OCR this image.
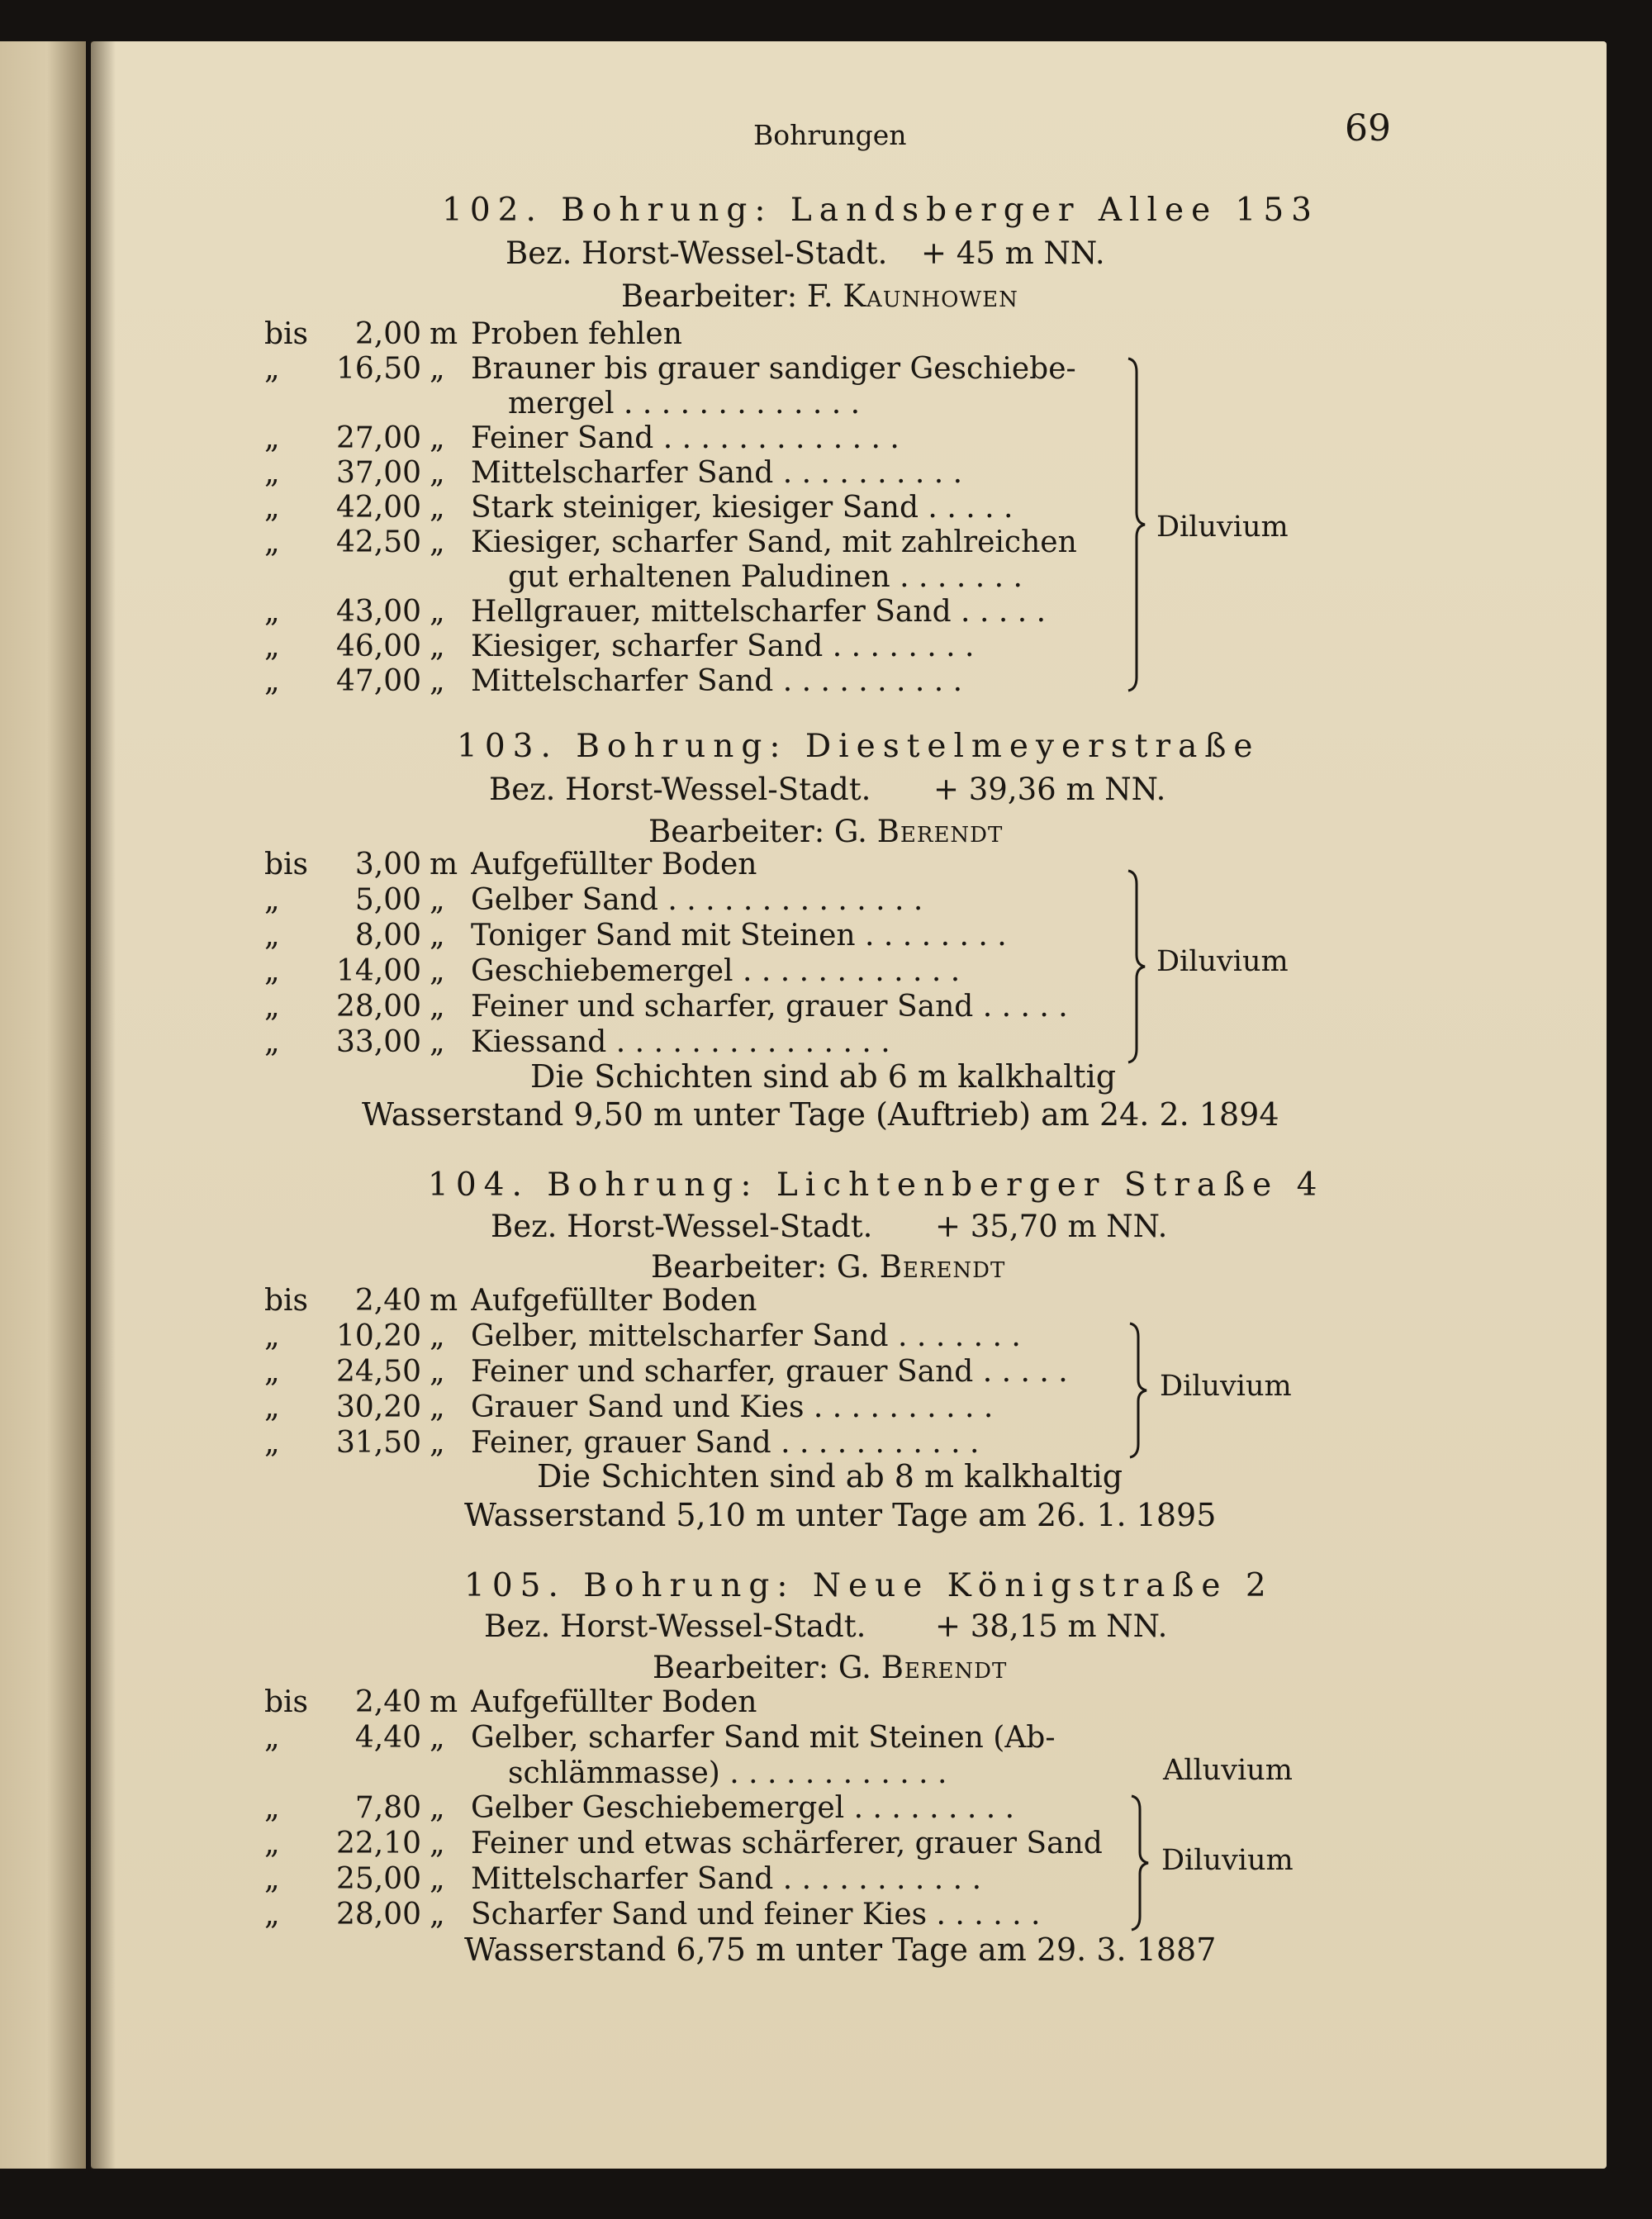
Bohrungen	69
102. Bohrung: Landsberger Allee 153
Bez. Horst-Wessel-Stadt. + 45 m NN.
Bearbeiter: F. Kaunhowen
bis 2,00 m Proben fehlen
„ 16,50 „ Brauner bis grauer sandiger Geschiebe-
mergel . . . . . . . . . . . . .
„ 27,00 „ Feiner Sand . . . . . . . . . . . . .
„ 37,00 „ Mittelscharfer Sand . . . . . . . . . .
„ 42,00 „ Stark steiniger, kiesiger Sand . . . . .
„ 42,50 „ Kiesiger, scharfer Sand, mit zahlreichen
gut erhaltenen Paludinen . . . . . . .
„ 43,00 „ Hellgrauer, mittelscharfer Sand . . . . .
„ 46,00 „ Kiesiger, scharfer Sand . . . . . . . .
„ 47,00 „ Mittelscharfer Sand . . . . . . . . . .
Diluvium
103. Bohrung: Diestelmeyerstraße
Bez. Horst-Wessel-Stadt. + 39,36 m NN.
Bearbeiter: G. Berendt
bis 3,00 m Aufgefüllter Boden
„	5,00 „ Gelber Sand . . . . . . . . . . . . . .
„	8,00 „ Toniger Sand mit Steinen . . . . . . . .
„ 14,00 „ Geschiebemergel . . . . . . . . . . . .
„ 28,00 „ Feiner und scharfer, grauer Sand . . . . .
„ 33,00 „ Kiessand . . . . . . . . . . . . . . .
Diluvium
Die Schichten sind ab 6 m kalkhaltig
Wasserstand 9,50 m unter Tage (Auftrieb) am 24. 2. 1894
104. Bohrung: Lichtenberger Straße 4
Bez. Horst-Wessel-Stadt. + 35,70 m NN.
Bearbeiter: G. Berendt
bis 2,40 m Aufgefüllter Boden
„ 10,20 „ Gelber, mittelscharfer Sand . . . . . . .
„ 24,50 „ Feiner und scharfer, grauer Sand . . . . .
„ 30,20 „ Grauer Sand und Kies . . . . . . . . . .
„ 31,50 „ Feiner, grauer Sand . . . . . . . . . . .
Diluvium
Die Schichten sind ab 8 m kalkhaltig
Wasserstand 5,10 m unter Tage am 26. 1. 1895
105. Bohrung: Neue Königstraße 2
Bez. Horst-Wessel-Stadt. + 38,15 m NN.
Bearbeiter: G. Berendt
bis 2,40 m Aufgefüllter Boden
„	4,40 „ Gelber, scharfer Sand mit Steinen (Ab-
schlämmasse) . . . . . . . . . . . .	Alluvium
„	7,80 „ Gelber Geschiebemergel . . . . . . . . .
„ 22,10 „ Feiner und etwas schärferer, grauer Sand
„ 25,00 „ Mittelscharfer Sand . . . . . . . . . . .
„ 28,00 „ Scharfer Sand und feiner Kies . . . . . .
Diluvium
Wasserstand 6,75 m unter Tage am 29. 3. 1887
